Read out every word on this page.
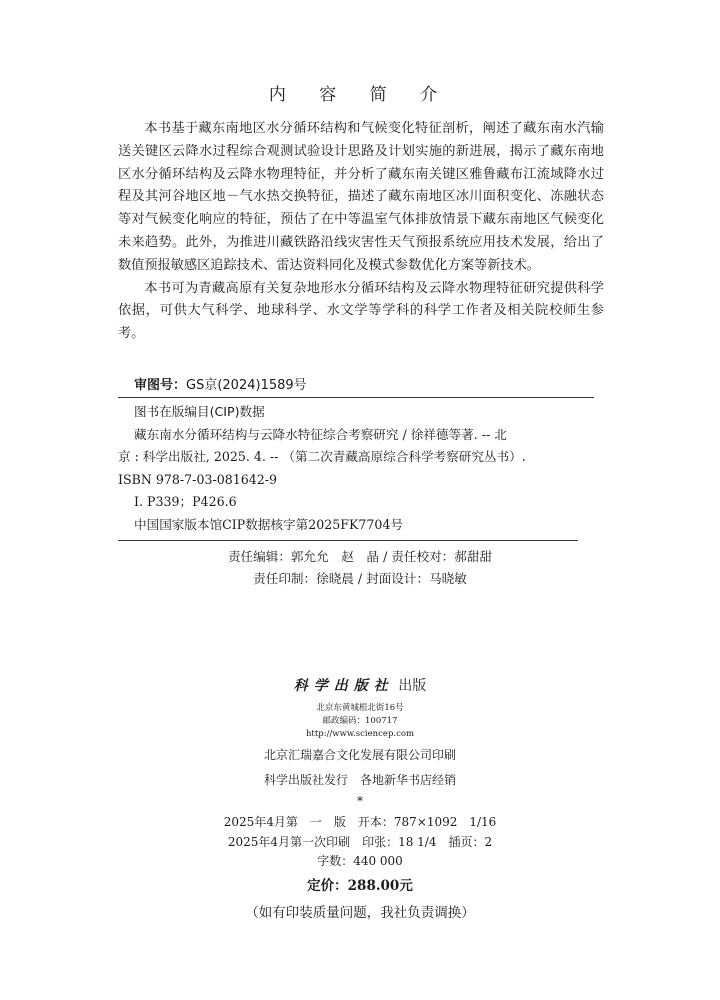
内 容 简 介

本书基于藏东南地区水分循环结构和气候变化特征剖析，阐述了藏东南水汽输送关键区云降水过程综合观测试验设计思路及计划实施的新进展，揭示了藏东南地区水分循环结构及云降水物理特征，并分析了藏东南关键区雅鲁藏布江流域降水过程及其河谷地区地－气水热交换特征，描述了藏东南地区冰川面积变化、冻融状态等对气候变化响应的特征，预估了在中等温室气体排放情景下藏东南地区气候变化未来趋势。此外，为推进川藏铁路沿线灾害性天气预报系统应用技术发展，给出了数值预报敏感区追踪技术、雷达资料同化及模式参数优化方案等新技术。

本书可为青藏高原有关复杂地形水分循环结构及云降水物理特征研究提供科学依据，可供大气科学、地球科学、水文学等学科的科学工作者及相关院校师生参考。

审图号：GS京(2024)1589号
图书在版编目(CIP)数据
藏东南水分循环结构与云降水特征综合考察研究 / 徐祥德等著. -- 北
京 : 科学出版社, 2025. 4. -- （第二次青藏高原综合科学考察研究丛书）.
ISBN 978-7-03-081642-9
Ⅰ. P339；P426.6
中国国家版本馆CIP数据核字第2025FK7704号
责任编辑：郭允允　赵　晶 / 责任校对：郝甜甜
责任印制：徐晓晨 / 封面设计：马晓敏
科学出版社 出版
北京东黄城根北街16号
邮政编码：100717
http://www.sciencep.com
北京汇瑞嘉合文化发展有限公司印刷
科学出版社发行　各地新华书店经销
*
2025年4月第　一　版　开本：787×1092　1/16
2025年4月第一次印刷　印张：18 1/4　插页：2
字数：440 000
定价：288.00元
（如有印装质量问题，我社负责调换）
